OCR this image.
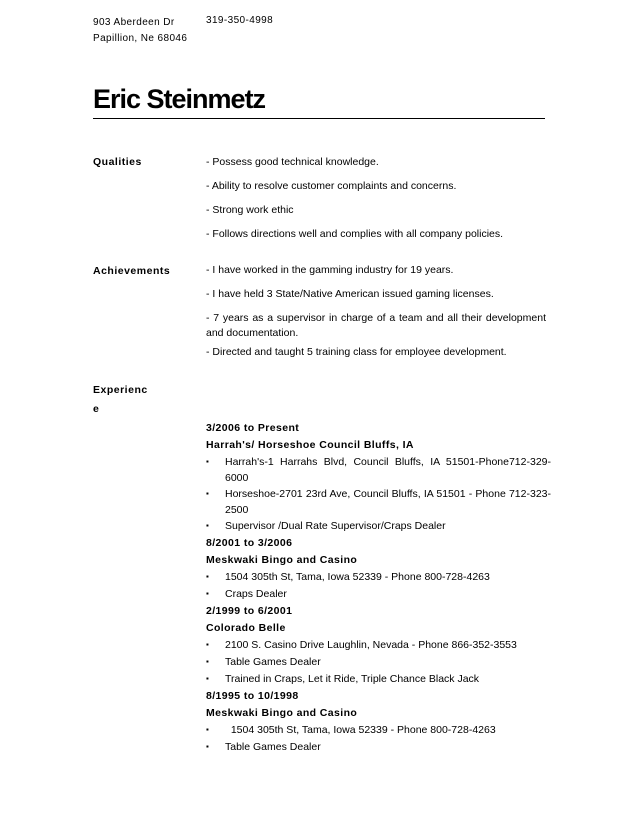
903 Aberdeen Dr
Papillion, Ne 68046
319-350-4998
Eric Steinmetz
Qualities	- Possess good technical knowledge.
- Ability to resolve customer complaints and concerns.
- Strong work ethic
- Follows directions well and complies with all company policies.
Achievements	- I have worked in the gamming industry for 19 years.
- I have held 3 State/Native American issued gaming licenses.
- 7 years as a supervisor in charge of a team and all their development and documentation.
- Directed and taught 5 training class for employee development.
Experienc
e
3/2006 to Present
Harrah's/ Horseshoe Council Bluffs, IA
▪ Harrah's-1 Harrahs Blvd, Council Bluffs, IA 51501-Phone712-329-6000
▪ Horseshoe-2701 23rd Ave, Council Bluffs, IA 51501 - Phone 712-323-2500
▪ Supervisor /Dual Rate Supervisor/Craps Dealer
8/2001 to 3/2006
Meskwaki Bingo and Casino
▪ 1504 305th St, Tama, Iowa 52339 - Phone 800-728-4263
▪ Craps Dealer
2/1999 to 6/2001
Colorado Belle
▪ 2100 S. Casino Drive Laughlin, Nevada - Phone 866-352-3553
▪ Table Games Dealer
▪ Trained in Craps, Let it Ride, Triple Chance Black Jack
8/1995 to 10/1998
Meskwaki Bingo and Casino
▪ 1504 305th St, Tama, Iowa 52339 - Phone 800-728-4263
▪ Table Games Dealer
